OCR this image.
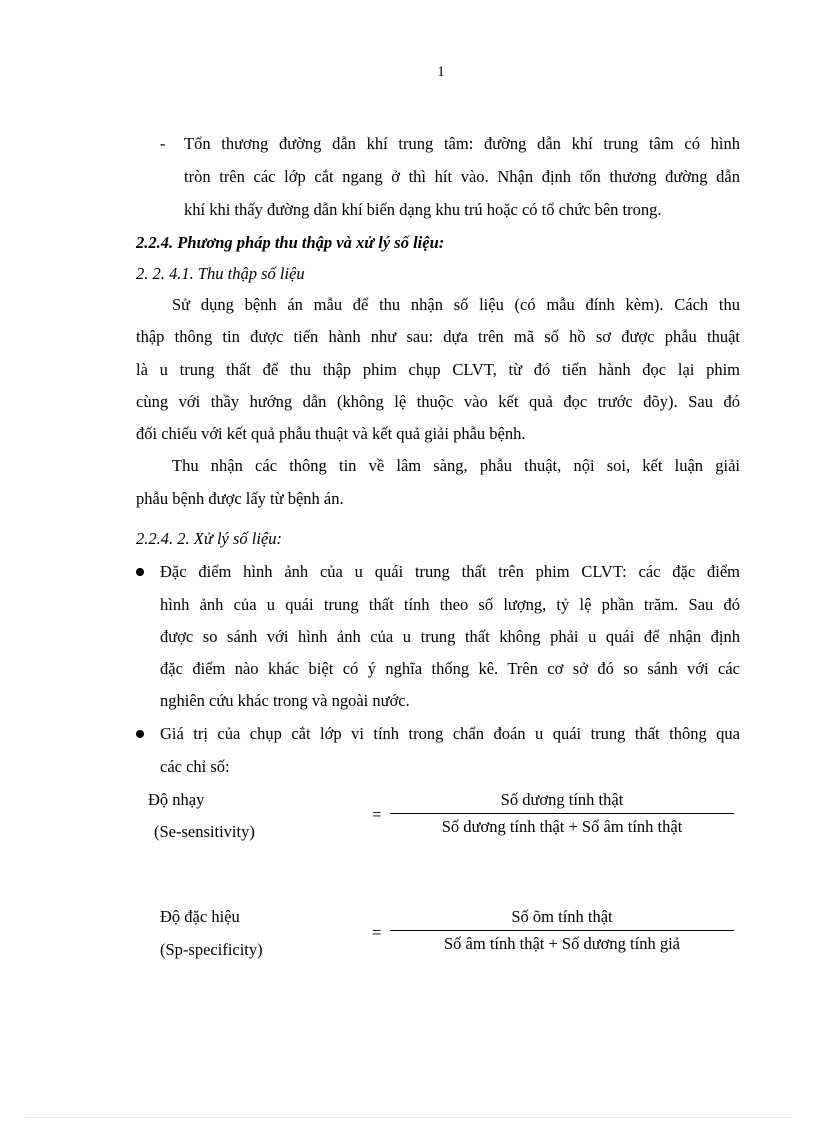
1
- Tổn thương đường dẫn khí trung tâm: đường dẫn khí trung tâm có hình
tròn trên các lớp cắt ngang ở thì hít vào. Nhận định tổn thương đường dẫn
khí khi thấy đường dẫn khí biến dạng khu trú hoặc có tổ chức bên trong.
2.2.4. Phương pháp thu thập và xử lý số liệu:
2. 2. 4.1. Thu thập số liệu
Sử dụng bệnh án mẫu để thu nhận số liệu (có mẫu đính kèm). Cách thu
thập thông tin được tiến hành như sau: dựa trên mã số hồ sơ được phẫu thuật
là u trung thất để thu thập phim chụp CLVT, từ đó tiến hành đọc lại phim
cùng với thầy hướng dẫn (không lệ thuộc vào kết quả đọc trước đõy). Sau đó
đối chiếu với kết quả phẫu thuật và kết quả giải phẫu bệnh.
Thu nhận các thông tin về lâm sàng, phẫu thuật, nội soi, kết luận giải
phẫu bệnh được lấy từ bệnh án.
2.2.4. 2. Xử lý số liệu:
Đặc điểm hình ảnh của u quái trung thất trên phim CLVT: các đặc điểm
hình ảnh của u quái trung thất tính theo số lượng, tỷ lệ phần trăm. Sau đó
được so sánh với hình ảnh của u trung thất không phải u quái để nhận định
đặc điểm nào khác biệt có ý nghĩa thống kê. Trên cơ sở đó so sánh với các
nghiên cứu khác trong và ngoài nước.
Giá trị của chụp cắt lớp vi tính trong chẩn đoán u quái trung thất thông qua
các chỉ số:
Độ nhạy
(Se-sensitivity)
=
Số dương tính thật
Số dương tính thật + Số âm tính thật
Độ đặc hiệu
(Sp-specificity)
=
Số õm tính thật
Số âm tính thật + Số dương tính giả
